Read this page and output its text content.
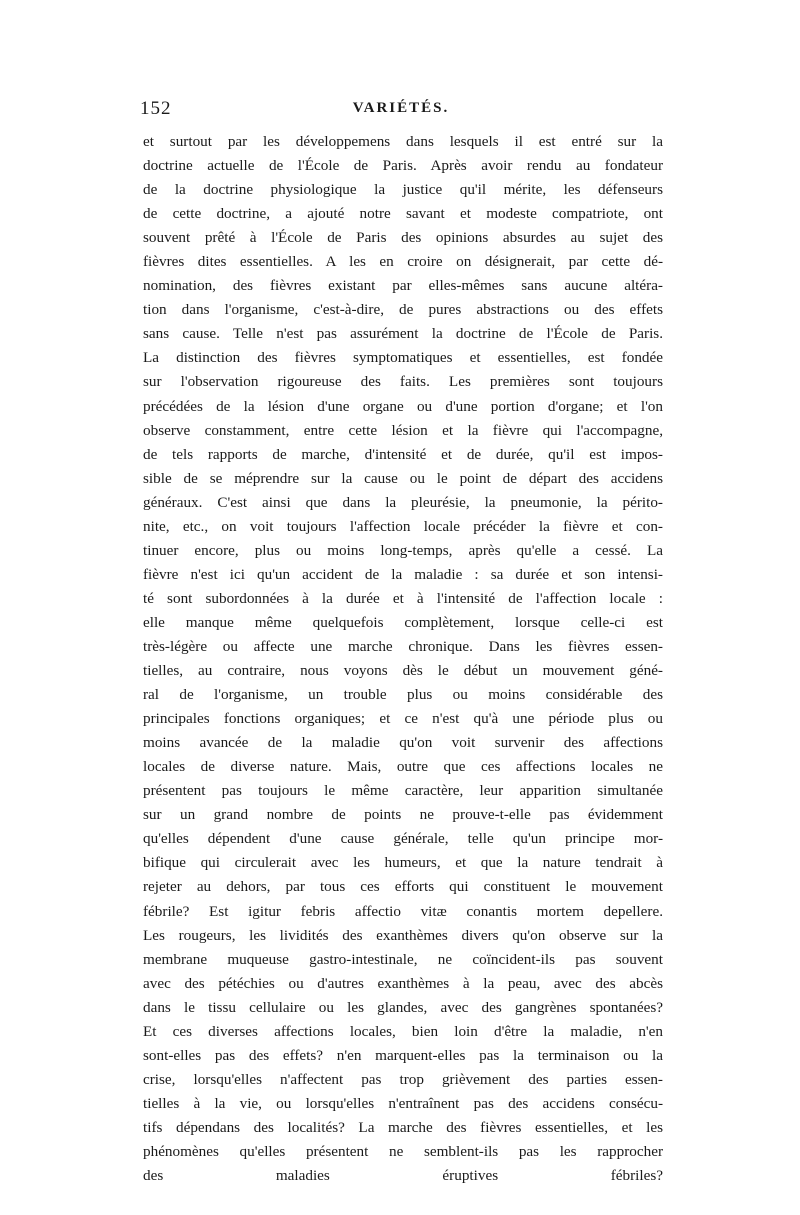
152	VARIÉTÉS.
et surtout par les développemens dans lesquels il est entré sur la
doctrine actuelle de l'École de Paris. Après avoir rendu au fondateur
de la doctrine physiologique la justice qu'il mérite, les défenseurs
de cette doctrine, a ajouté notre savant et modeste compatriote, ont
souvent prêté à l'École de Paris des opinions absurdes au sujet des
fièvres dites essentielles. A les en croire on désignerait, par cette dé-
nomination, des fièvres existant par elles-mêmes sans aucune altéra-
tion dans l'organisme, c'est-à-dire, de pures abstractions ou des effets
sans cause. Telle n'est pas assurément la doctrine de l'École de Paris.
La distinction des fièvres symptomatiques et essentielles, est fondée
sur l'observation rigoureuse des faits. Les premières sont toujours
précédées de la lésion d'une organe ou d'une portion d'organe; et l'on
observe constamment, entre cette lésion et la fièvre qui l'accompagne,
de tels rapports de marche, d'intensité et de durée, qu'il est impos-
sible de se méprendre sur la cause ou le point de départ des accidens
généraux. C'est ainsi que dans la pleurésie, la pneumonie, la périto-
nite, etc., on voit toujours l'affection locale précéder la fièvre et con-
tinuer encore, plus ou moins long-temps, après qu'elle a cessé. La
fièvre n'est ici qu'un accident de la maladie : sa durée et son intensi-
té sont subordonnées à la durée et à l'intensité de l'affection locale :
elle manque même quelquefois complètement, lorsque celle-ci est
très-légère ou affecte une marche chronique. Dans les fièvres essen-
tielles, au contraire, nous voyons dès le début un mouvement géné-
ral de l'organisme, un trouble plus ou moins considérable des
principales fonctions organiques; et ce n'est qu'à une période plus ou
moins avancée de la maladie qu'on voit survenir des affections
locales de diverse nature. Mais, outre que ces affections locales ne
présentent pas toujours le même caractère, leur apparition simultanée
sur un grand nombre de points ne prouve-t-elle pas évidemment
qu'elles dépendent d'une cause générale, telle qu'un principe mor-
bifique qui circulerait avec les humeurs, et que la nature tendrait à
rejeter au dehors, par tous ces efforts qui constituent le mouvement
fébrile? Est igitur febris affectio vitæ conantis mortem depellere.
Les rougeurs, les lividités des exanthèmes divers qu'on observe sur la
membrane muqueuse gastro-intestinale, ne coïncident-ils pas souvent
avec des pétéchies ou d'autres exanthèmes à la peau, avec des abcès
dans le tissu cellulaire ou les glandes, avec des gangrènes spontanées?
Et ces diverses affections locales, bien loin d'être la maladie, n'en
sont-elles pas des effets? n'en marquent-elles pas la terminaison ou la
crise, lorsqu'elles n'affectent pas trop grièvement des parties essen-
tielles à la vie, ou lorsqu'elles n'entraînent pas des accidens consécu-
tifs dépendans des localités? La marche des fièvres essentielles, et les
phénomènes qu'elles présentent ne semblent-ils pas les rapprocher
des maladies éruptives fébriles?
